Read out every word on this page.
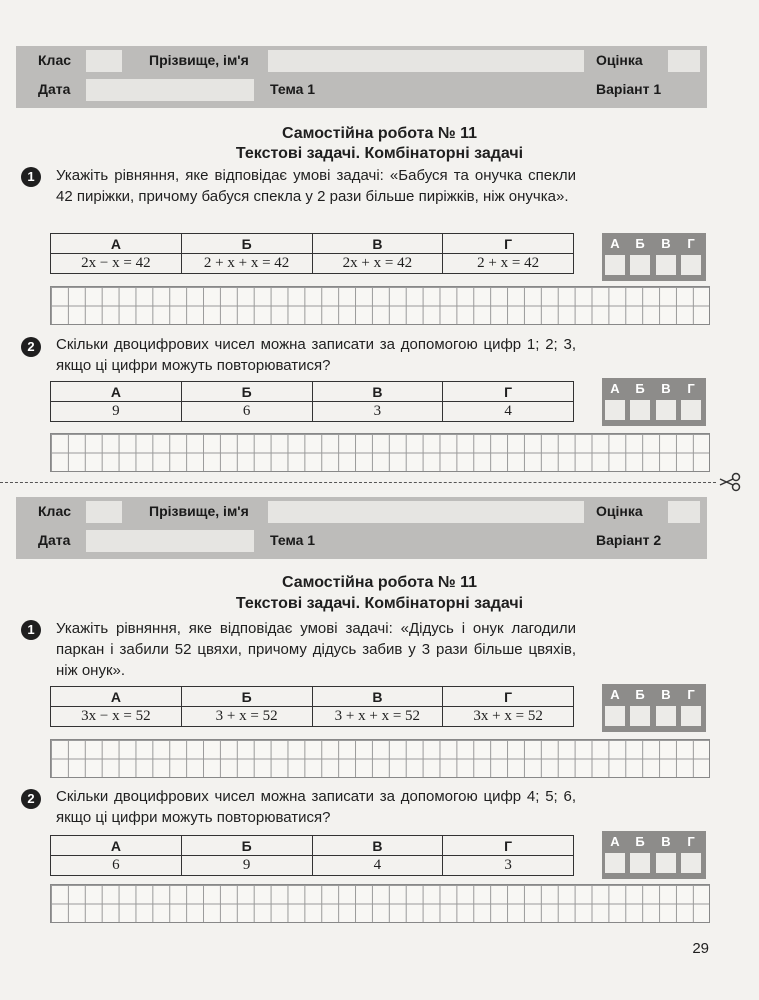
Клас	Прізвище, ім'я	Оцінка
Дата	Тема 1	Варіант 1
Самостійна робота № 11
Текстові задачі. Комбінаторні задачі
1	Укажіть рівняння, яке відповідає умові задачі: «Бабуся та онучка спекли 42 пиріжки, причому бабуся спекла у 2 рази більше пиріжків, ніж онучка».
А	Б	В	Г
2x − x = 42	2 + x + x = 42	2x + x = 42	2 + x = 42
А	Б	В	Г
2	Скільки двоцифрових чисел можна записати за допомогою цифр 1; 2; 3, якщо ці цифри можуть повторюватися?
А	Б	В	Г
9	6	3	4
А	Б	В	Г
Клас	Прізвище, ім'я	Оцінка
Дата	Тема 1	Варіант 2
Самостійна робота № 11
Текстові задачі. Комбінаторні задачі
1	Укажіть рівняння, яке відповідає умові задачі: «Дідусь і онук лагодили паркан і забили 52 цвяхи, причому дідусь забив у 3 рази більше цвяхів, ніж онук».
А	Б	В	Г
3x − x = 52	3 + x = 52	3 + x + x = 52	3x + x = 52
А	Б	В	Г
2	Скільки двоцифрових чисел можна записати за допомогою цифр 4; 5; 6, якщо ці цифри можуть повторюватися?
А	Б	В	Г
6	9	4	3
А	Б	В	Г
29
